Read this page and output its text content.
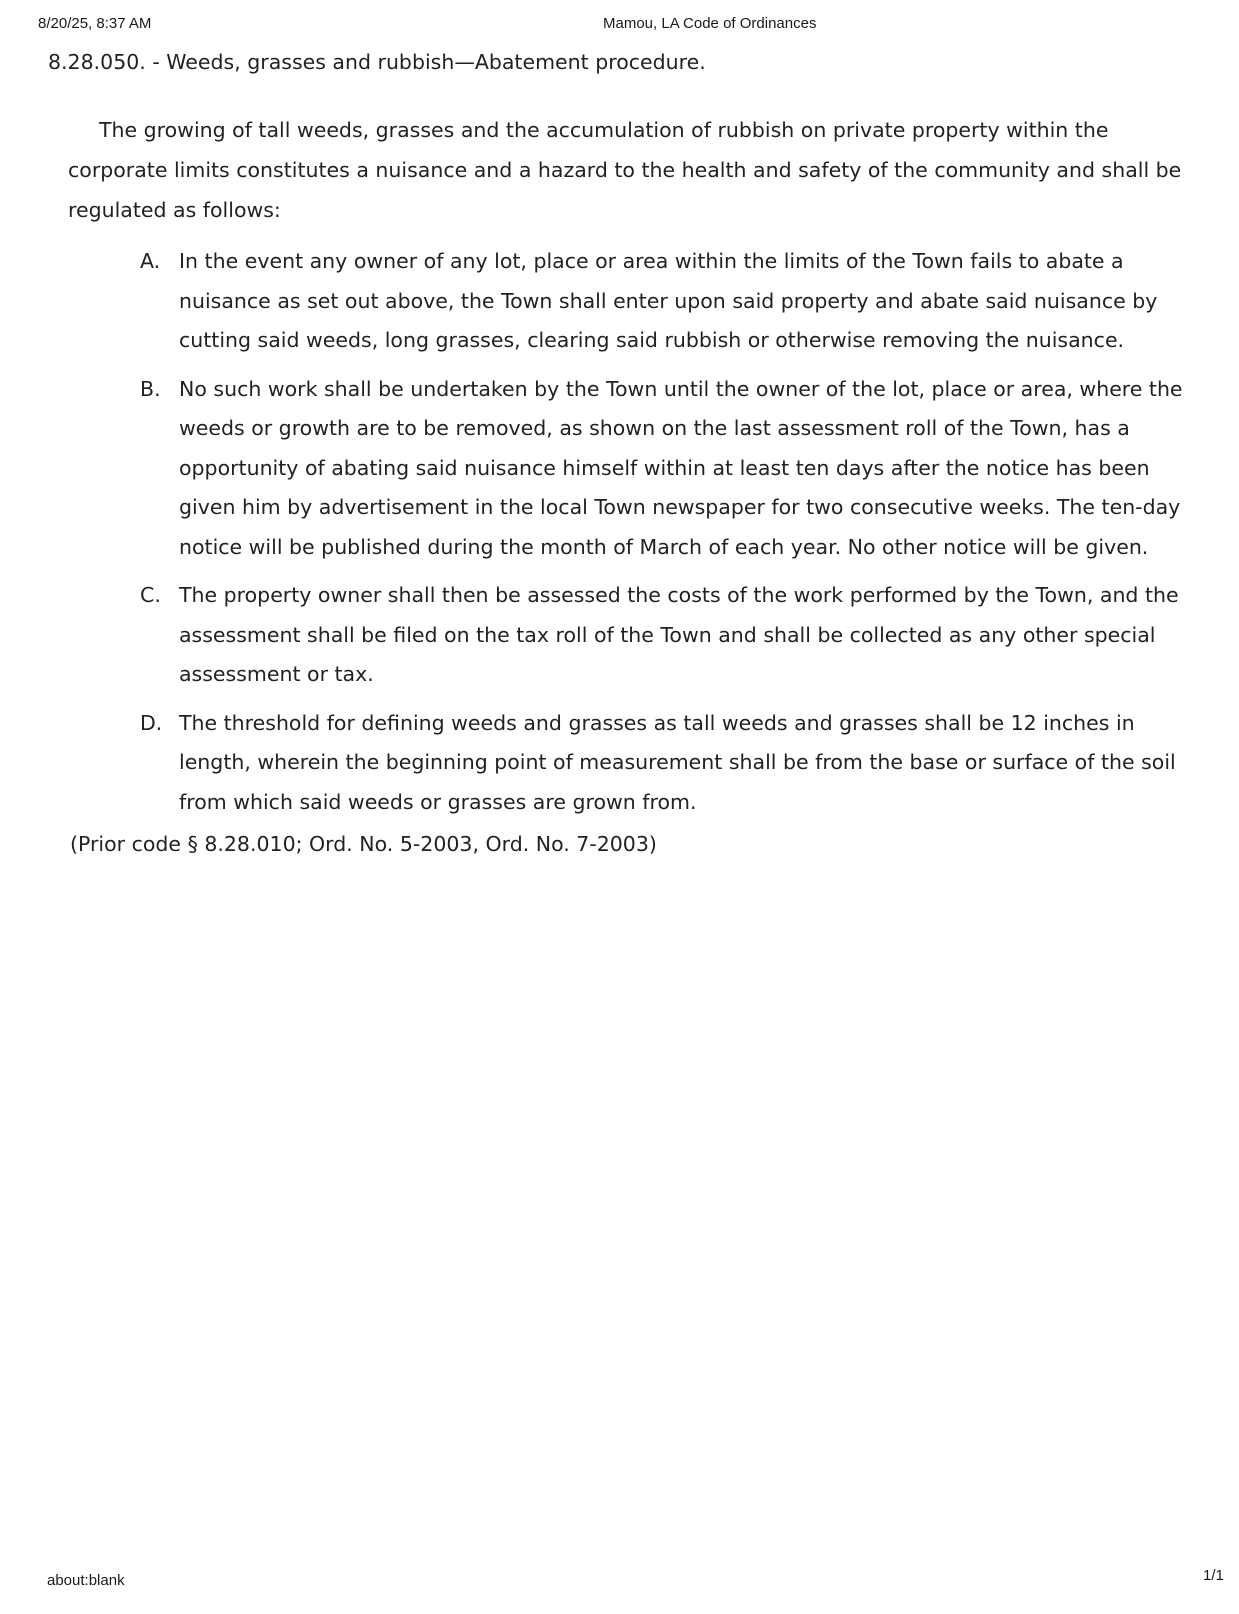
8/20/25, 8:37 AM	Mamou, LA Code of Ordinances
8.28.050. - Weeds, grasses and rubbish—Abatement procedure.

The growing of tall weeds, grasses and the accumulation of rubbish on private property within the corporate limits constitutes a nuisance and a hazard to the health and safety of the community and shall be regulated as follows:

A. In the event any owner of any lot, place or area within the limits of the Town fails to abate a nuisance as set out above, the Town shall enter upon said property and abate said nuisance by cutting said weeds, long grasses, clearing said rubbish or otherwise removing the nuisance.
B. No such work shall be undertaken by the Town until the owner of the lot, place or area, where the weeds or growth are to be removed, as shown on the last assessment roll of the Town, has a opportunity of abating said nuisance himself within at least ten days after the notice has been given him by advertisement in the local Town newspaper for two consecutive weeks. The ten-day notice will be published during the month of March of each year. No other notice will be given.
C. The property owner shall then be assessed the costs of the work performed by the Town, and the assessment shall be filed on the tax roll of the Town and shall be collected as any other special assessment or tax.
D. The threshold for defining weeds and grasses as tall weeds and grasses shall be 12 inches in length, wherein the beginning point of measurement shall be from the base or surface of the soil from which said weeds or grasses are grown from.
(Prior code § 8.28.010; Ord. No. 5-2003, Ord. No. 7-2003)
about:blank	1/1
